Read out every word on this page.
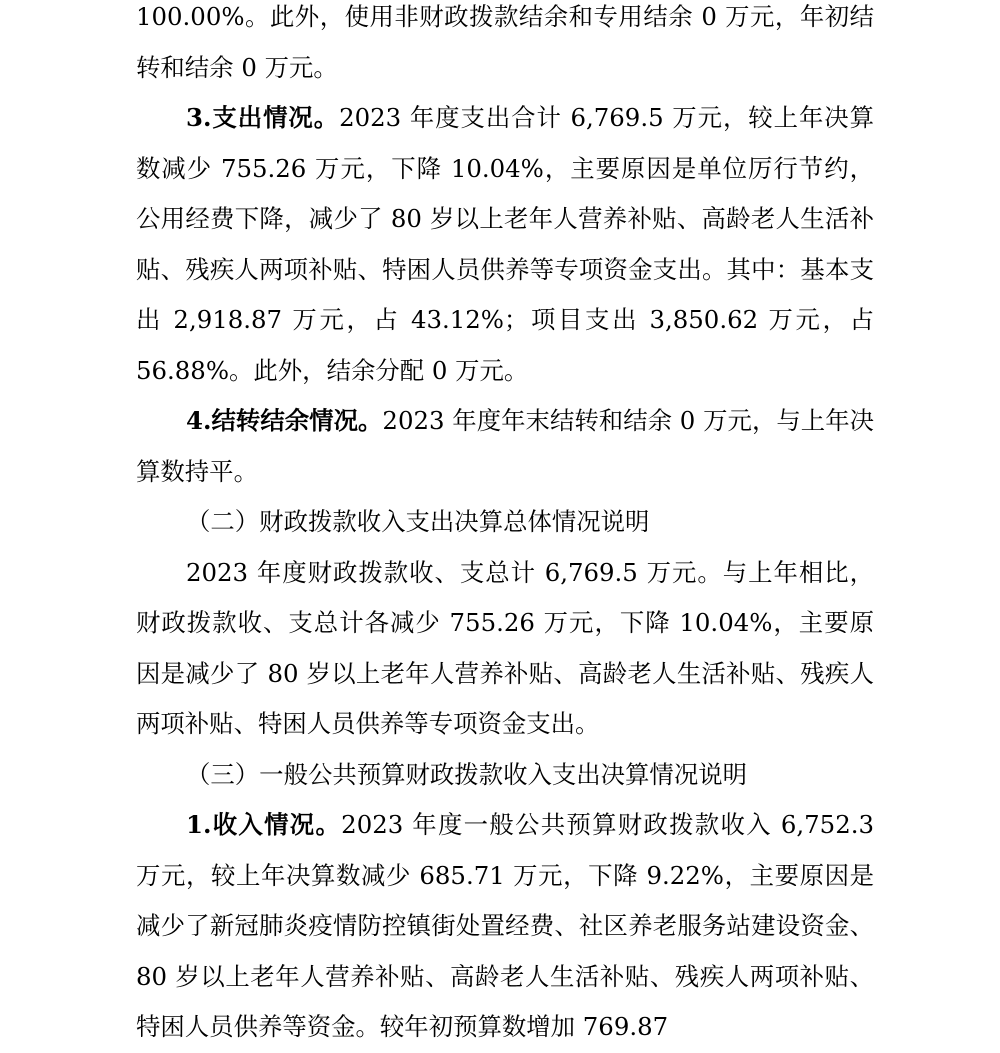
100.00%。此外，使用非财政拨款结余和专用结余 0 万元，年初结转和结余 0 万元。

3.支出情况。2023 年度支出合计 6,769.5 万元，较上年决算数减少 755.26 万元，下降 10.04%，主要原因是单位厉行节约，公用经费下降，减少了 80 岁以上老年人营养补贴、高龄老人生活补贴、残疾人两项补贴、特困人员供养等专项资金支出。其中：基本支出 2,918.87 万元，占 43.12%；项目支出 3,850.62 万元，占 56.88%。此外，结余分配 0 万元。

4.结转结余情况。2023 年度年末结转和结余 0 万元，与上年决算数持平。

（二）财政拨款收入支出决算总体情况说明

2023 年度财政拨款收、支总计 6,769.5 万元。与上年相比，财政拨款收、支总计各减少 755.26 万元，下降 10.04%，主要原因是减少了 80 岁以上老年人营养补贴、高龄老人生活补贴、残疾人两项补贴、特困人员供养等专项资金支出。

（三）一般公共预算财政拨款收入支出决算情况说明

1.收入情况。2023 年度一般公共预算财政拨款收入 6,752.3 万元，较上年决算数减少 685.71 万元，下降 9.22%，主要原因是减少了新冠肺炎疫情防控镇街处置经费、社区养老服务站建设资金、80 岁以上老年人营养补贴、高龄老人生活补贴、残疾人两项补贴、特困人员供养等资金。较年初预算数增加 769.87
